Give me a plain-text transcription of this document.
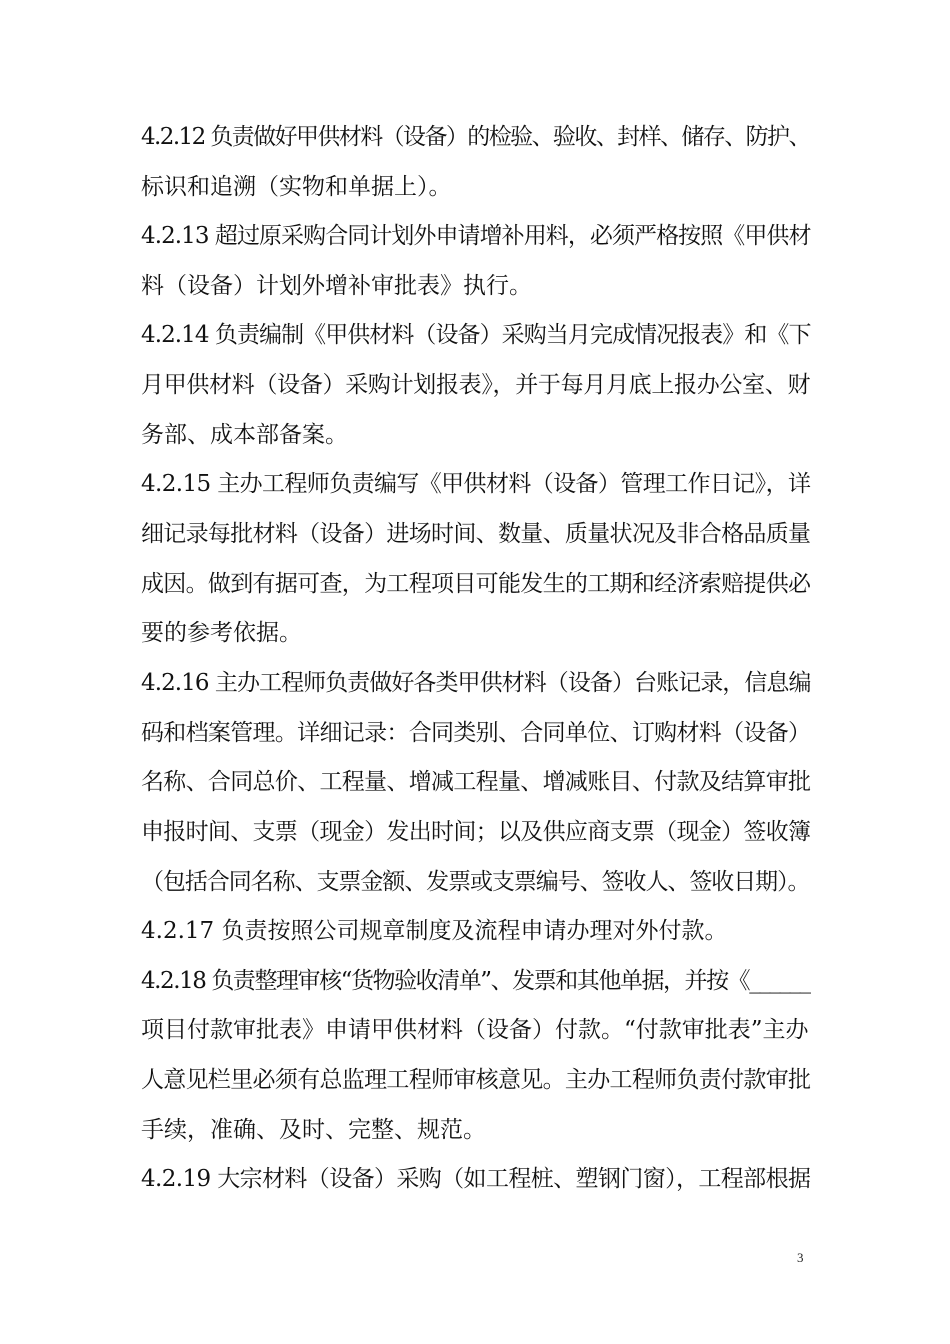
4.2.12 负责做好甲供材料（设备）的检验、验收、封样、储存、防护、
标识和追溯（实物和单据上）。
4.2.13 超过原采购合同计划外申请增补用料，必须严格按照《甲供材
料（设备）计划外增补审批表》执行。
4.2.14 负责编制《甲供材料（设备）采购当月完成情况报表》和《下
月甲供材料（设备）采购计划报表》，并于每月月底上报办公室、财
务部、成本部备案。
4.2.15 主办工程师负责编写《甲供材料（设备）管理工作日记》，详
细记录每批材料（设备）进场时间、数量、质量状况及非合格品质量
成因。做到有据可查，为工程项目可能发生的工期和经济索赔提供必
要的参考依据。
4.2.16 主办工程师负责做好各类甲供材料（设备）台账记录，信息编
码和档案管理。详细记录：合同类别、合同单位、订购材料（设备）
名称、合同总价、工程量、增减工程量、增减账目、付款及结算审批
申报时间、支票（现金）发出时间；以及供应商支票（现金）签收簿
（包括合同名称、支票金额、发票或支票编号、签收人、签收日期）。
4.2.17 负责按照公司规章制度及流程申请办理对外付款。
4.2.18 负责整理审核“货物验收清单”、发票和其他单据，并按《______
项目付款审批表》申请甲供材料（设备）付款。“付款审批表”主办
人意见栏里必须有总监理工程师审核意见。主办工程师负责付款审批
手续，准确、及时、完整、规范。
4.2.19 大宗材料（设备）采购（如工程桩、塑钢门窗），工程部根据
3
